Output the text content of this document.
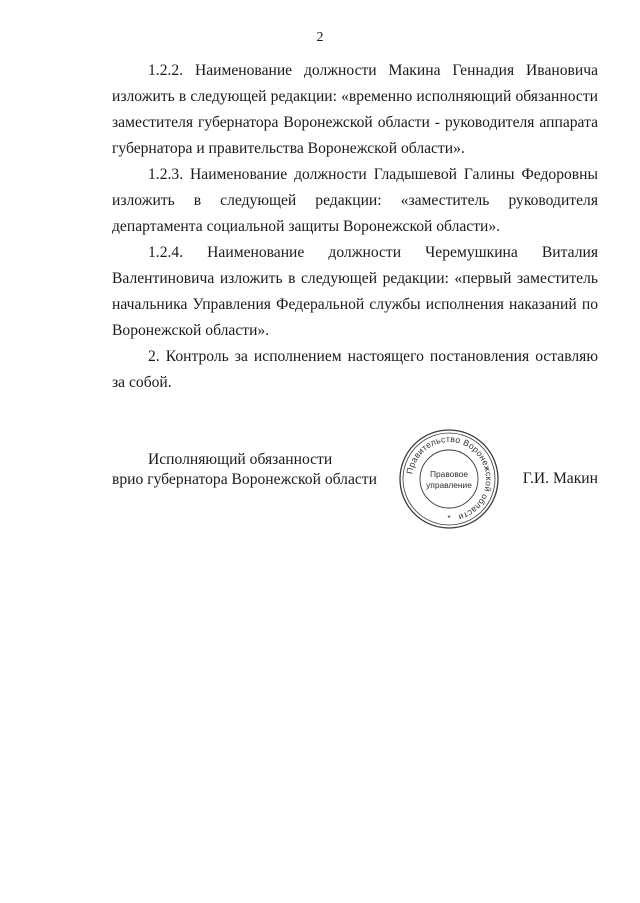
2

1.2.2. Наименование должности Макина Геннадия Ивановича изложить в следующей редакции: «временно исполняющий обязанности заместителя губернатора Воронежской области - руководителя аппарата губернатора и правительства Воронежской области».

1.2.3. Наименование должности Гладышевой Галины Федоровны изложить в следующей редакции: «заместитель руководителя департамента социальной защиты Воронежской области».

1.2.4. Наименование должности Черемушкина Виталия Валентиновича изложить в следующей редакции: «первый заместитель начальника Управления Федеральной службы исполнения наказаний по Воронежской области».

2. Контроль за исполнением настоящего постановления оставляю за собой.

Исполняющий обязанности
врио губернатора Воронежской области
Правительство Воронежской области
Правовое
управление
*
Г.И. Макин
